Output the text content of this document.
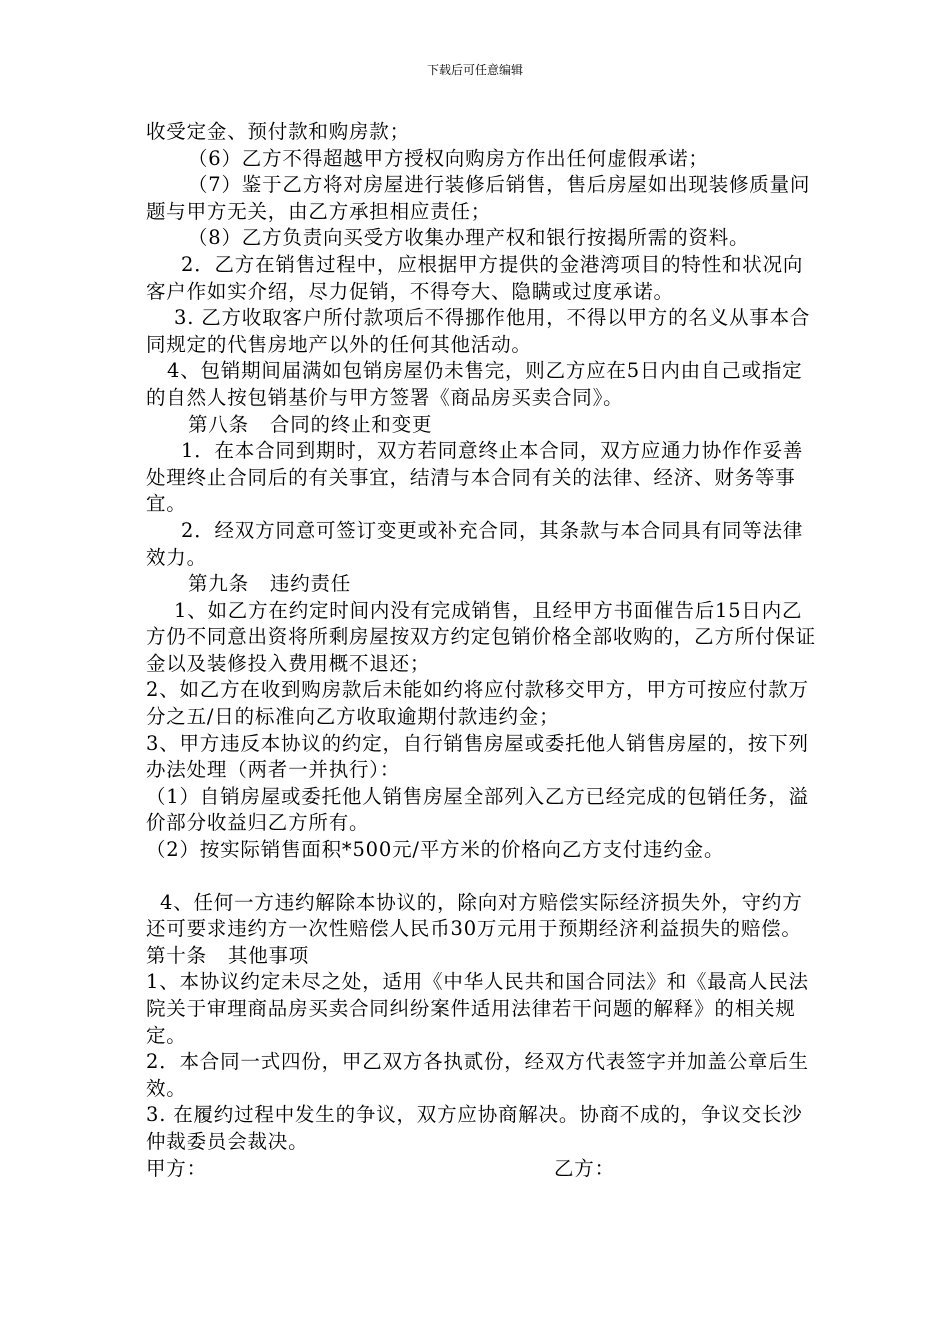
下载后可任意编辑

收受定金、预付款和购房款；

（6）乙方不得超越甲方授权向购房方作出任何虚假承诺；

（7）鉴于乙方将对房屋进行装修后销售，售后房屋如出现装修质量问题与甲方无关，由乙方承担相应责任；

（8）乙方负责向买受方收集办理产权和银行按揭所需的资料。

2．乙方在销售过程中，应根据甲方提供的金港湾项目的特性和状况向客户作如实介绍，尽力促销，不得夸大、隐瞒或过度承诺。

3. 乙方收取客户所付款项后不得挪作他用，不得以甲方的名义从事本合同规定的代售房地产以外的任何其他活动。

4、包销期间届满如包销房屋仍未售完，则乙方应在5日内由自己或指定的自然人按包销基价与甲方签署《商品房买卖合同》。

第八条   合同的终止和变更

1．在本合同到期时，双方若同意终止本合同，双方应通力协作作妥善处理终止合同后的有关事宜，结清与本合同有关的法律、经济、财务等事宜。

2．经双方同意可签订变更或补充合同，其条款与本合同具有同等法律效力。

第九条   违约责任

1、如乙方在约定时间内没有完成销售，且经甲方书面催告后15日内乙方仍不同意出资将所剩房屋按双方约定包销价格全部收购的，乙方所付保证金以及装修投入费用概不退还；

2、如乙方在收到购房款后未能如约将应付款移交甲方，甲方可按应付款万分之五/日的标准向乙方收取逾期付款违约金；

3、甲方违反本协议的约定，自行销售房屋或委托他人销售房屋的，按下列办法处理（两者一并执行）：

（1）自销房屋或委托他人销售房屋全部列入乙方已经完成的包销任务，溢价部分收益归乙方所有。

（2）按实际销售面积*500元/平方米的价格向乙方支付违约金。

4、任何一方违约解除本协议的，除向对方赔偿实际经济损失外，守约方还可要求违约方一次性赔偿人民币30万元用于预期经济利益损失的赔偿。

第十条   其他事项

1、本协议约定未尽之处，适用《中华人民共和国合同法》和《最高人民法院关于审理商品房买卖合同纠纷案件适用法律若干问题的解释》的相关规定。

2．本合同一式四份，甲乙双方各执贰份，经双方代表签字并加盖公章后生效。

3. 在履约过程中发生的争议，双方应协商解决。协商不成的，争议交长沙仲裁委员会裁决。

甲方：	乙方：
